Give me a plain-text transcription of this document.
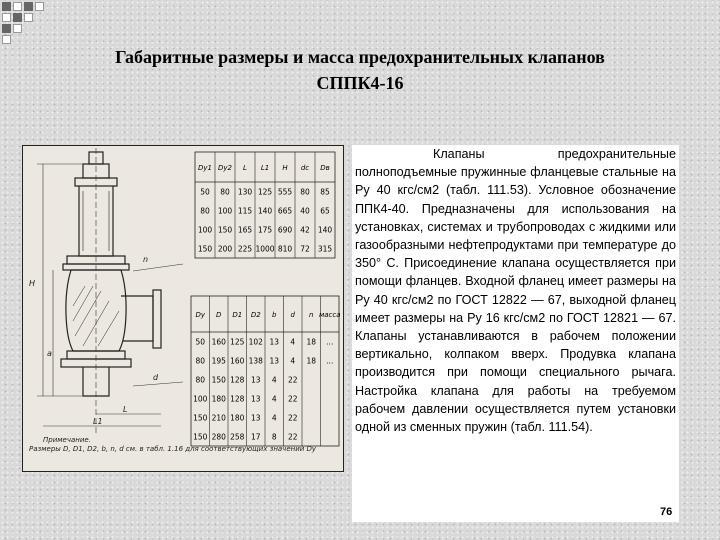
Габаритные размеры и масса предохранительных клапанов
СППК4-16
H
a
L
L1
n
d
Dy1 Dy2 L L1 H dc Dв
50 80 130 125 555 80 85
80 100 115 140 665 40 65
100 150 165 175 690 42 140
150 200 225 1000 810 72 315
Dy D D1 D2 b d n масса
50 160 125 102 13 4 18 ...
80 195 160 138 13 4 18 ...
80 150 128 13 4 22
100 180 128 13 4 22
150 210 180 13 4 22
150 280 258 17 8 22
Примечание.
Размеры D, D1, D2, b, n, d см. в табл. 1.16 для соответствующих значений Dy

Клапаны предохранительные полноподъемные пружинные фланцевые стальные на Ру 40 кгс/см2 (табл. 111.53). Условное обозначение ППК4-40. Предназначены для использования на установках, системах и трубопроводах с жидкими или газообразными нефтепродуктами при температуре до 350° С. Присоединение клапана осуществляется при помощи фланцев. Входной фланец имеет размеры на Ру 40 кгс/см2 по ГОСТ 12822 — 67, выходной фланец имеет размеры на Ру 16 кгс/см2 по ГОСТ 12821 — 67. Клапаны устанавливаются в рабочем положении вертикально, колпаком вверх. Продувка клапана производится при помощи специального рычага. Настройка клапана для работы на требуемом рабочем давлении осуществляется путем установки одной из сменных пружин (табл. 111.54).

76
